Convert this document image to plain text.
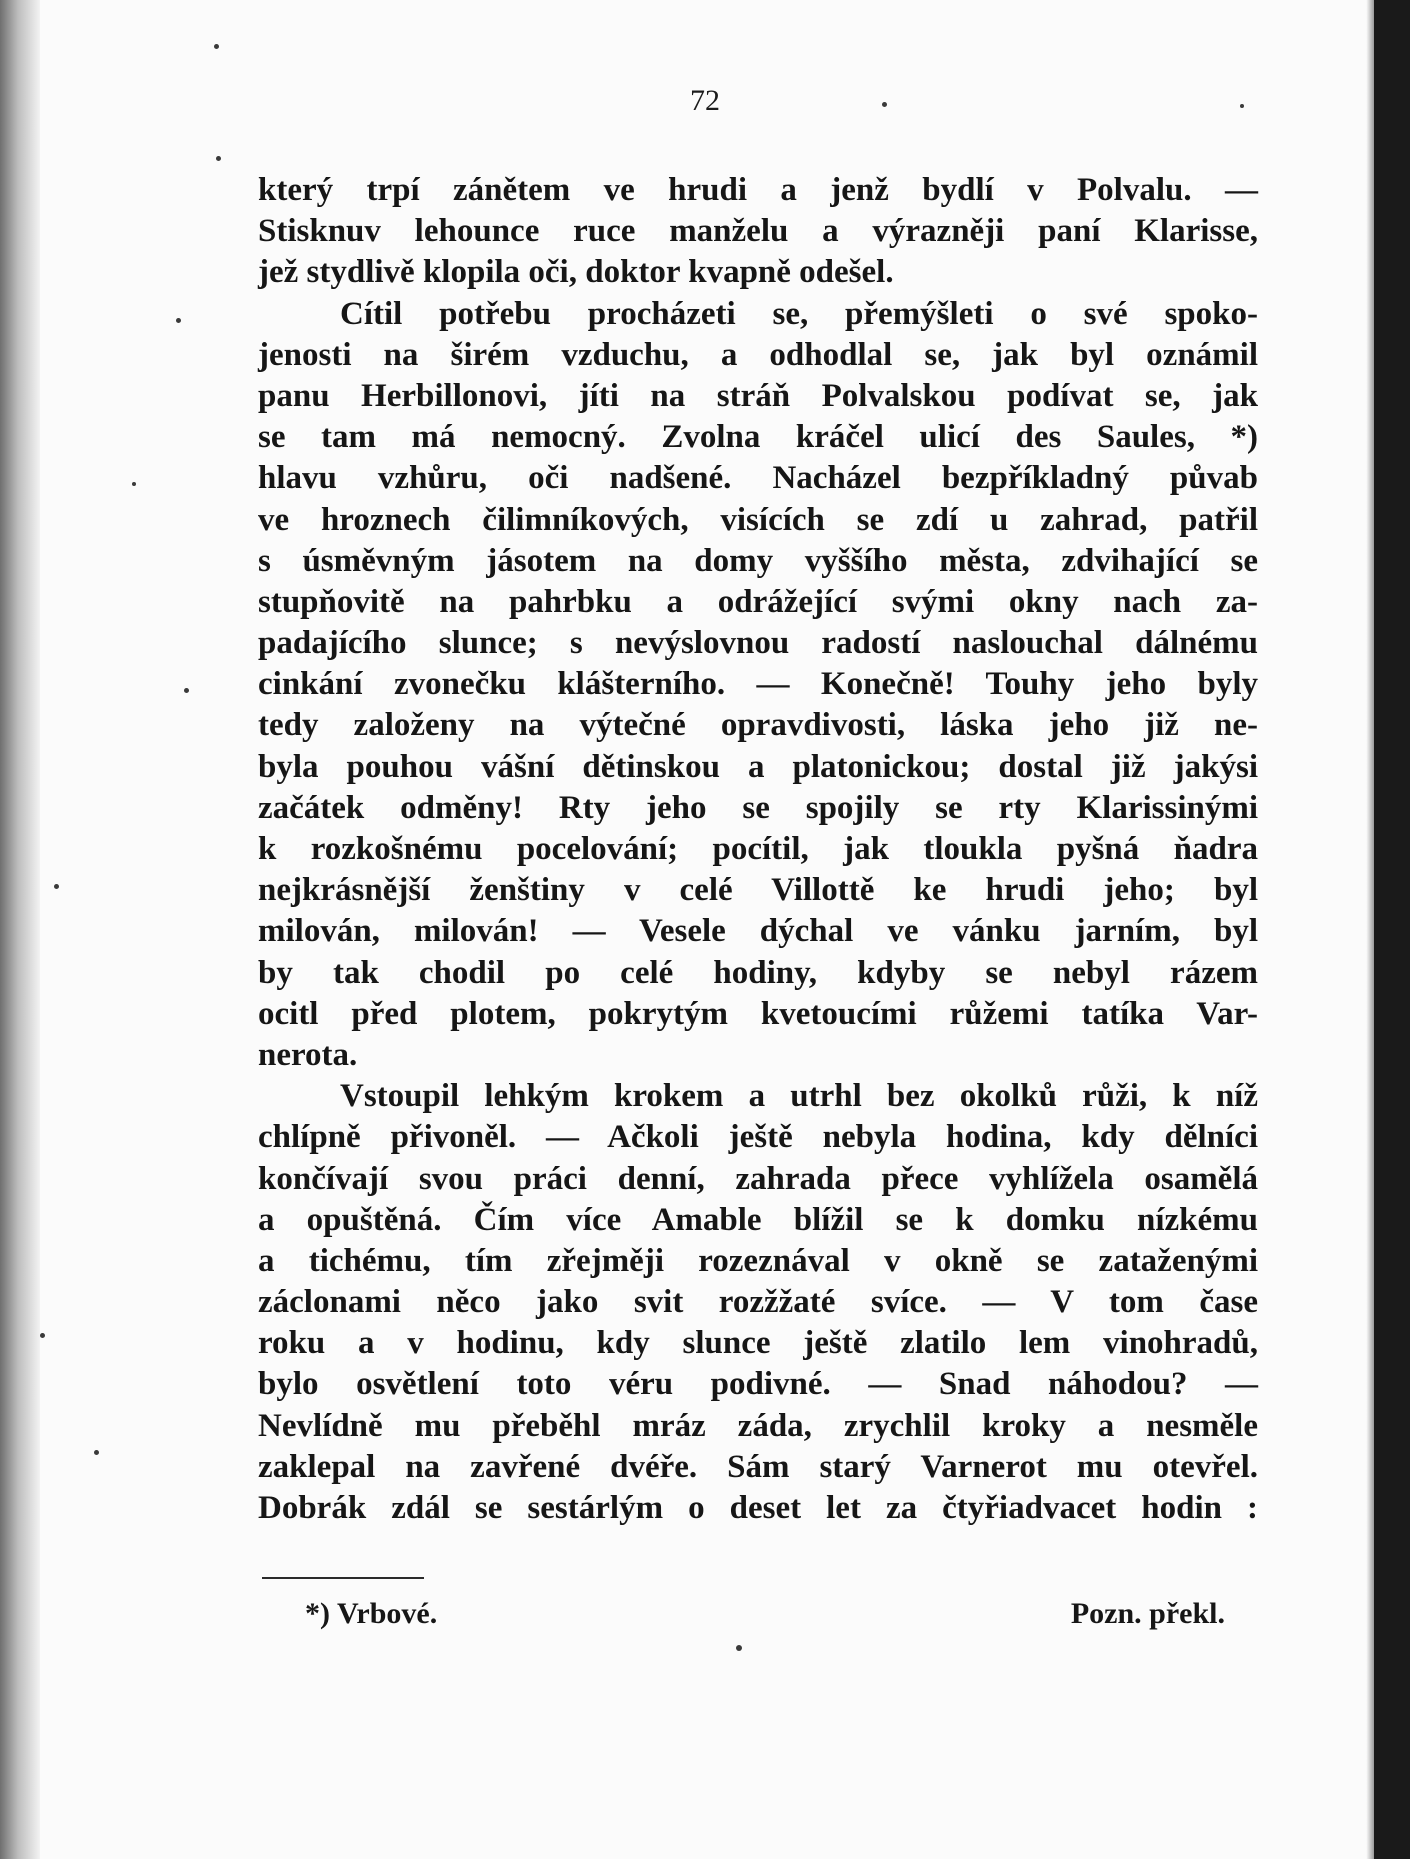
72
který trpí zánětem ve hrudi a jenž bydlí v Polvalu. —
Stisknuv lehounce ruce manželu a výrazněji paní Klarisse,
jež stydlivě klopila oči, doktor kvapně odešel.
Cítil potřebu procházeti se, přemýšleti o své spoko-
jenosti na širém vzduchu, a odhodlal se, jak byl oznámil
panu Herbillonovi, jíti na stráň Polvalskou podívat se, jak
se tam má nemocný. Zvolna kráčel ulicí des Saules, *)
hlavu vzhůru, oči nadšené. Nacházel bezpříkladný půvab
ve hroznech čilimníkových, visících se zdí u zahrad, patřil
s úsměvným jásotem na domy vyššího města, zdvihající se
stupňovitě na pahrbku a odrážející svými okny nach za-
padajícího slunce; s nevýslovnou radostí naslouchal dálnému
cinkání zvonečku klášterního. — Konečně! Touhy jeho byly
tedy založeny na výtečné opravdivosti, láska jeho již ne-
byla pouhou vášní dětinskou a platonickou; dostal již jakýsi
začátek odměny! Rty jeho se spojily se rty Klarissinými
k rozkošnému pocelování; pocítil, jak tloukla pyšná ňadra
nejkrásnější ženštiny v celé Villottě ke hrudi jeho; byl
milován, milován! — Vesele dýchal ve vánku jarním, byl
by tak chodil po celé hodiny, kdyby se nebyl rázem
ocitl před plotem, pokrytým kvetoucími růžemi tatíka Var-
nerota.
Vstoupil lehkým krokem a utrhl bez okolků růži, k níž
chlípně přivoněl. — Ačkoli ještě nebyla hodina, kdy dělníci
končívají svou práci denní, zahrada přece vyhlížela osamělá
a opuštěná. Čím více Amable blížil se k domku nízkému
a tichému, tím zřejměji rozeznával v okně se zataženými
záclonami něco jako svit rozžžaté svíce. — V tom čase
roku a v hodinu, kdy slunce ještě zlatilo lem vinohradů,
bylo osvětlení toto véru podivné. — Snad náhodou? —
Nevlídně mu přeběhl mráz záda, zrychlil kroky a nesměle
zaklepal na zavřené dvéře. Sám starý Varnerot mu otevřel.
Dobrák zdál se sestárlým o deset let za čtyřiadvacet hodin :
*) Vrbové.	Pozn. překl.
